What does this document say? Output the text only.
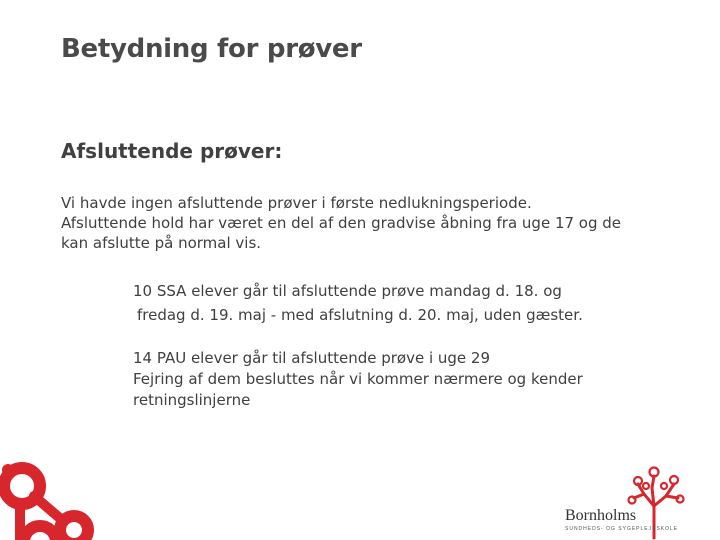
Betydning for prøver
Afsluttende prøver:
Vi havde ingen afsluttende prøver i første nedlukningsperiode.
Afsluttende hold har været en del af den gradvise åbning fra uge 17 og de
kan afslutte på normal vis.
10 SSA elever går til afsluttende prøve mandag d. 18. og
fredag d. 19. maj - med afslutning d. 20. maj, uden gæster.
14 PAU elever går til afsluttende prøve i uge 29
Fejring af dem besluttes når vi kommer nærmere og kender
retningslinjerne

Bornholms

SUNDHEDS- OG SYGEPLEJESKOLE
